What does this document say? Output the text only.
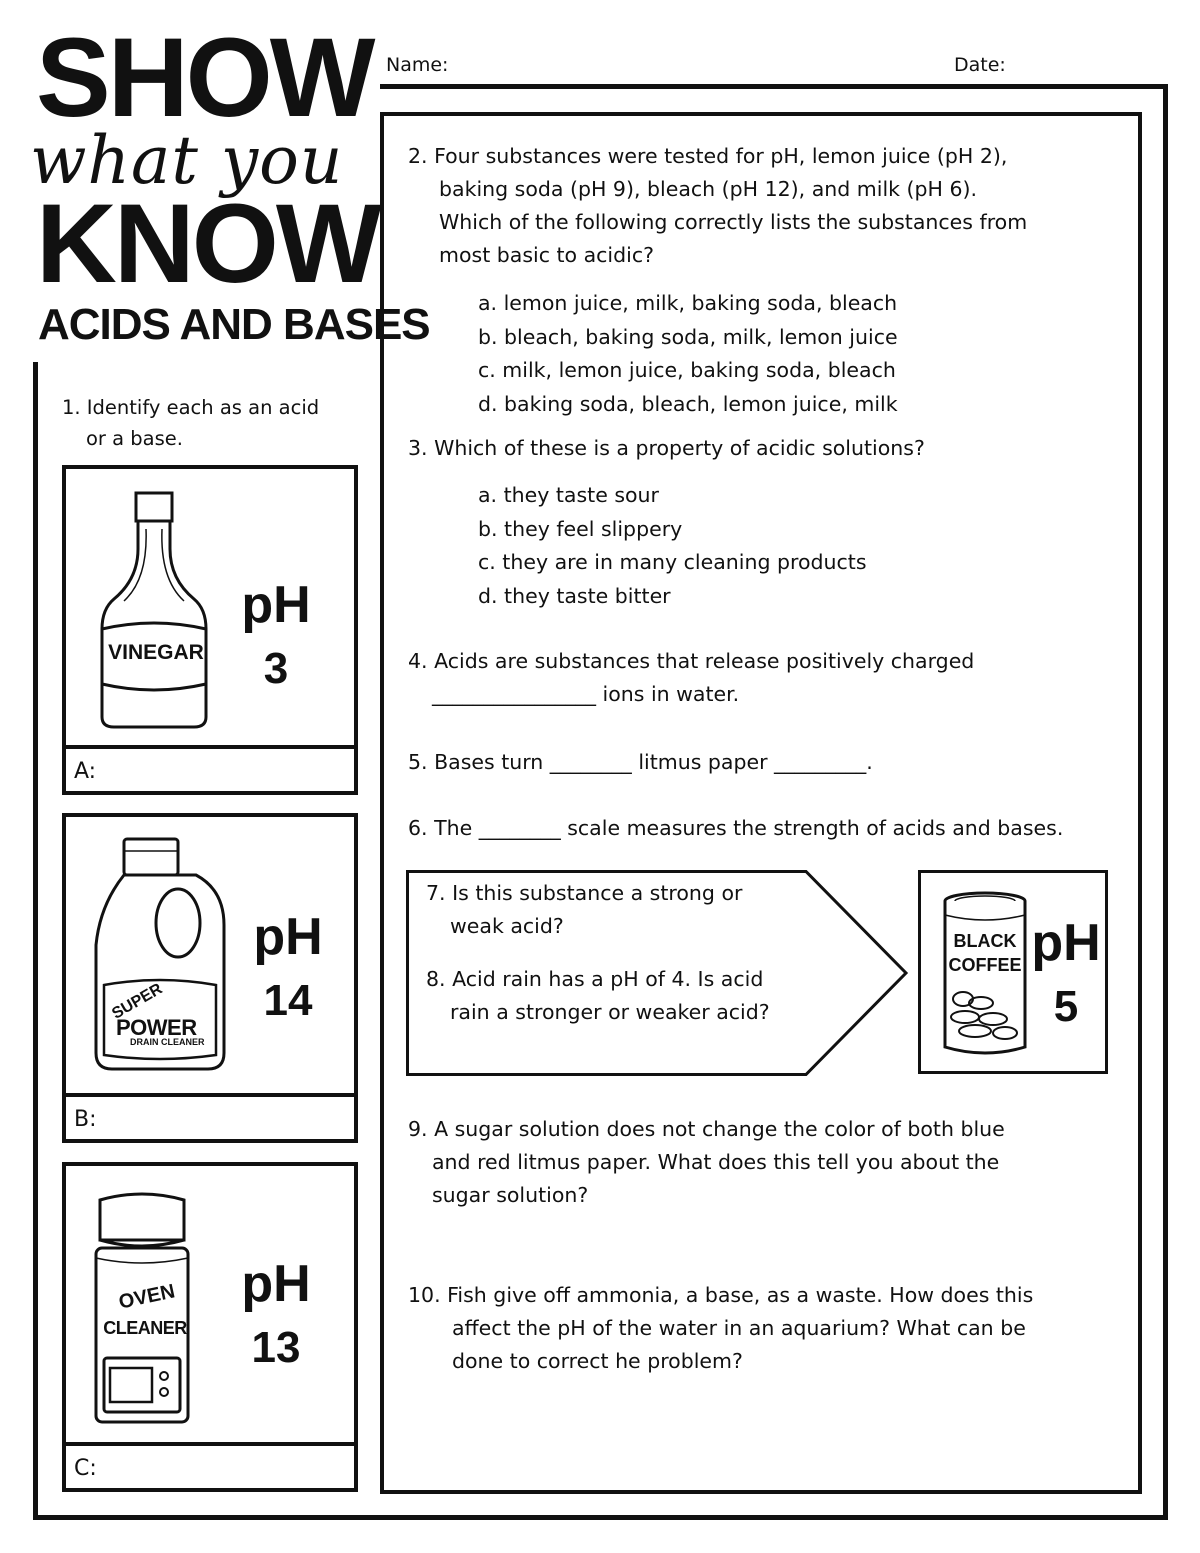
SHOW
what you
KNOW
ACIDS AND BASES
Name:	Date:
1. Identify each as an acid
or a base.
VINEGAR
pH
3
A:
SUPER
POWER
DRAIN CLEANER
pH
14
B:
OVEN
CLEANER
pH
13
C:
2. Four substances were tested for pH, lemon juice (pH 2),
baking soda (pH 9), bleach (pH 12), and milk (pH 6).
Which of the following correctly lists the substances from
most basic to acidic?
a. lemon juice, milk, baking soda, bleach
b. bleach, baking soda, milk, lemon juice
c. milk, lemon juice, baking soda, bleach
d. baking soda, bleach, lemon juice, milk
3. Which of these is a property of acidic solutions?
a. they taste sour
b. they feel slippery
c. they are in many cleaning products
d. they taste bitter
4. Acids are substances that release positively charged
________________ ions in water.
5. Bases turn ________ litmus paper _________.
6. The ________ scale measures the strength of acids and bases.
7. Is this substance a strong or
weak acid?
8. Acid rain has a pH of 4. Is acid
rain a stronger or weaker acid?
BLACK
COFFEE pH
5
9. A sugar solution does not change the color of both blue
and red litmus paper. What does this tell you about the
sugar solution?
10. Fish give off ammonia, a base, as a waste. How does this
affect the pH of the water in an aquarium? What can be
done to correct he problem?
